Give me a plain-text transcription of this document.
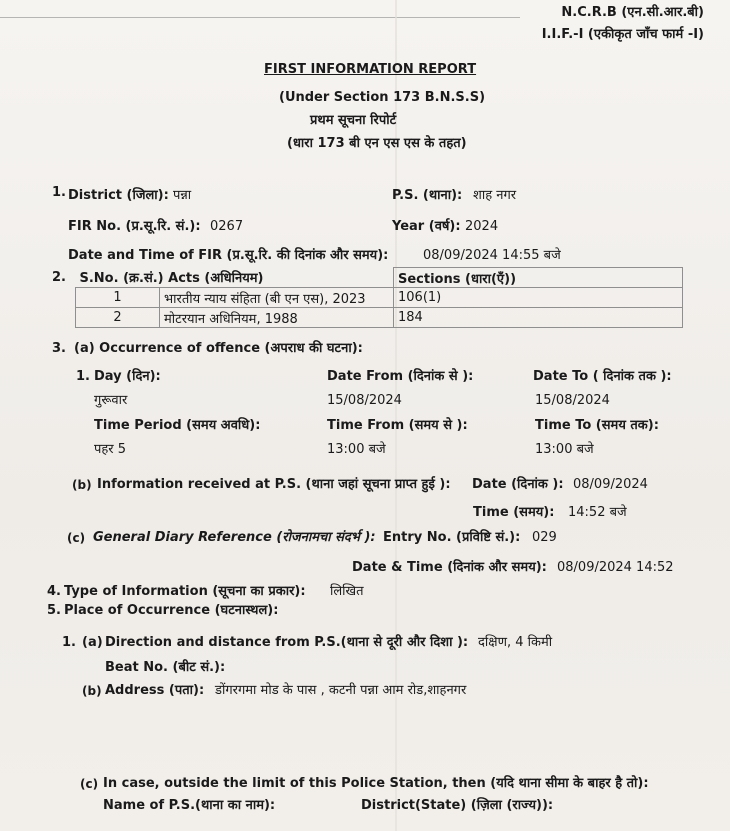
N.C.R.B (एन.सी.आर.बी)
I.I.F.-I (एकीकृत जाँच फार्म -I)
FIRST INFORMATION REPORT
(Under Section 173 B.N.S.S)
प्रथम सूचना रिपोर्ट
(धारा 173 बी एन एस एस के तहत)
1. District (जिला): पन्ना	P.S. (थाना): शाह नगर
FIR No. (प्र.सू.रि. सं.): 0267	Year (वर्ष): 2024
Date and Time of FIR (प्र.सू.रि. की दिनांक और समय):	08/09/2024 14:55 बजे
2. S.No. (क्र.सं.) Acts (अधिनियम)		Sections (धारा(एँ))
1	भारतीय न्याय संहिता (बी एन एस), 2023	106(1)
2	मोटरयान अधिनियम, 1988	184
3. (a) Occurrence of offence (अपराध की घटना):
1. Day (दिन):	Date From (दिनांक से ):	Date To ( दिनांक तक ):
गुरूवार	15/08/2024	15/08/2024
Time Period (समय अवधि):	Time From (समय से ):	Time To (समय तक):
पहर 5	13:00 बजे	13:00 बजे
(b) Information received at P.S. (थाना जहां सूचना प्राप्त हुई ): Date (दिनांक ): 08/09/2024
Time (समय): 14:52 बजे
(c) General Diary Reference (रोजनामचा संदर्भ ): Entry No. (प्रविष्टि सं.): 029
Date & Time (दिनांक और समय): 08/09/2024 14:52
4. Type of Information (सूचना का प्रकार): लिखित
5. Place of Occurrence (घटनास्थल):
1. (a) Direction and distance from P.S.(थाना से दूरी और दिशा ): दक्षिण, 4 किमी
Beat No. (बीट सं.):
(b) Address (पता): डोंगरगमा मोड के पास , कटनी पन्ना आम रोड,शाहनगर
(c) In case, outside the limit of this Police Station, then (यदि थाना सीमा के बाहर है तो):
Name of P.S.(थाना का नाम):	District(State) (ज़िला (राज्य)):
